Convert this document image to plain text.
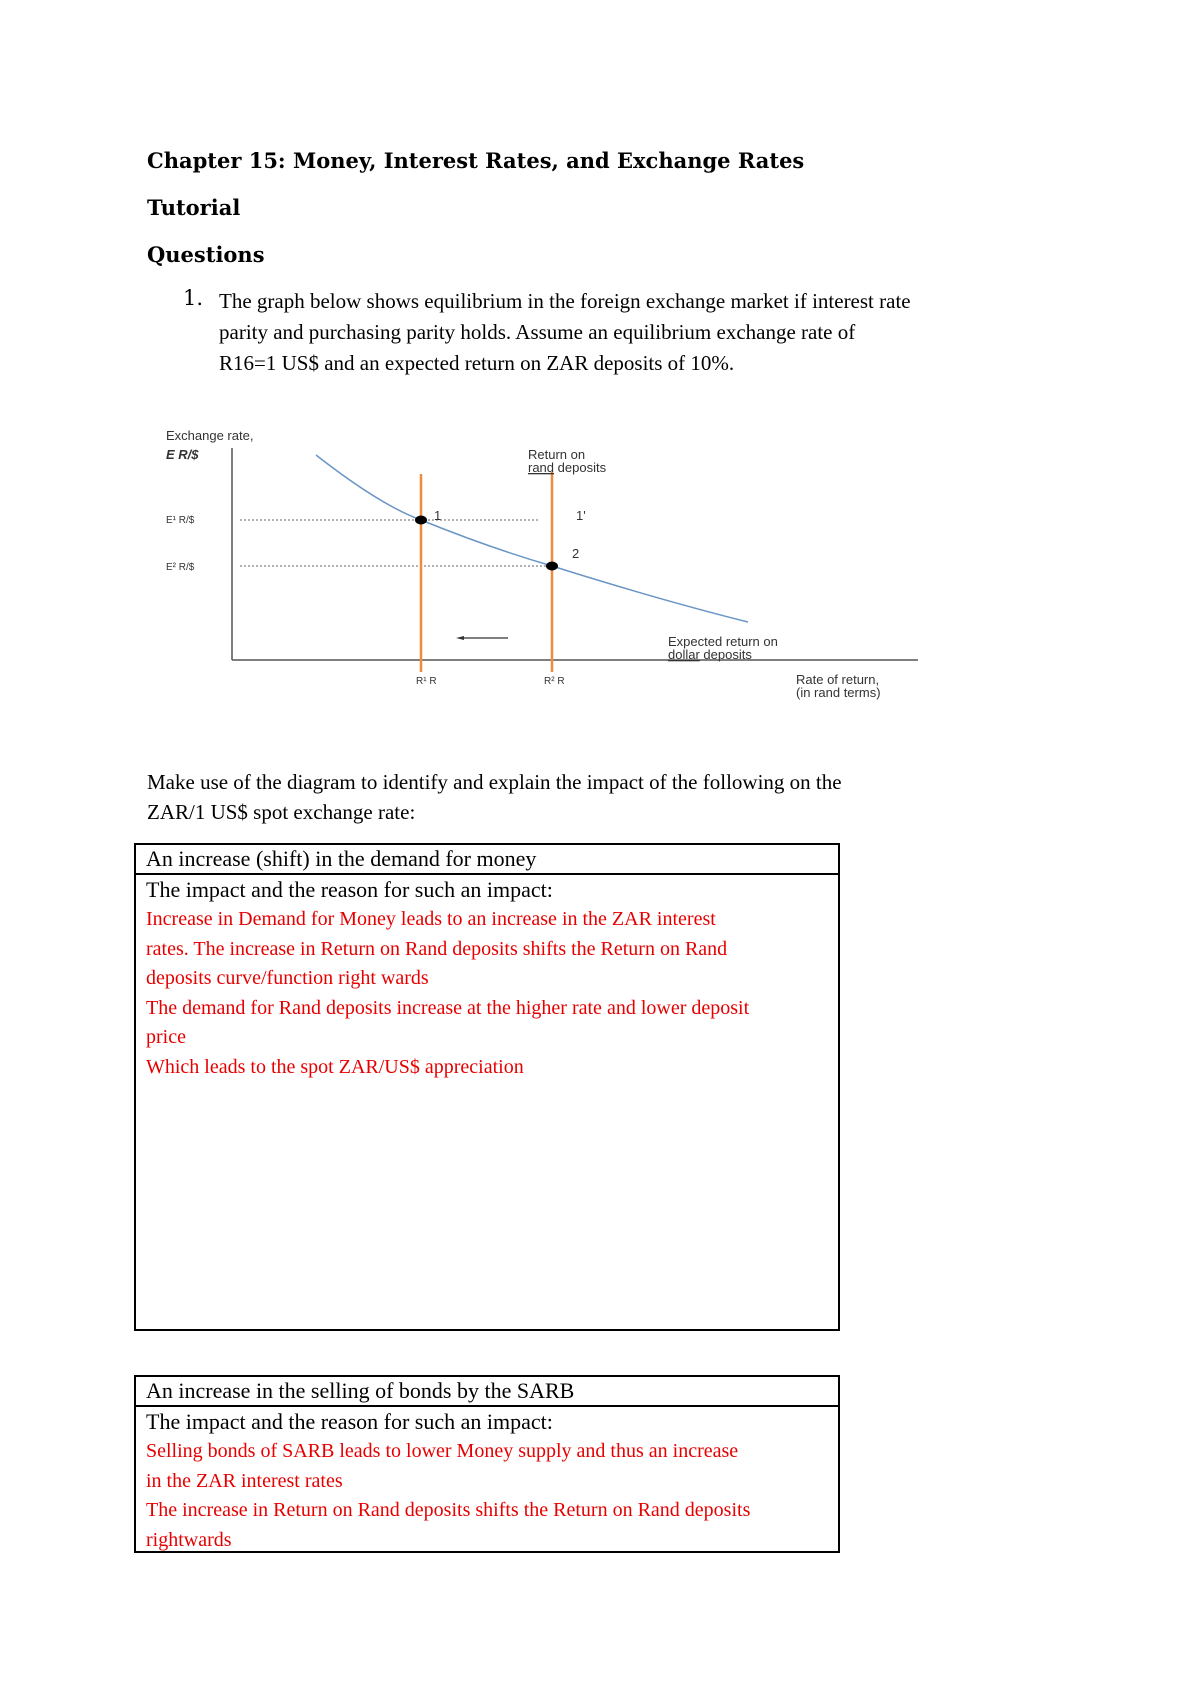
Chapter 15: Money, Interest Rates, and Exchange Rates
Tutorial
Questions
1. The graph below shows equilibrium in the foreign exchange market if interest rate
parity and purchasing parity holds. Assume an equilibrium exchange rate of
R16=1 US$ and an expected return on ZAR deposits of 10%.
Exchange rate,
E R/$
E¹ R/$
E² R/$
Return on
rand deposits
1	1'
2
Expected return on
dollar deposits
R¹ R	R² R	Rate of return,
(in rand terms)
Make use of the diagram to identify and explain the impact of the following on the
ZAR/1 US$ spot exchange rate:
An increase (shift) in the demand for money
The impact and the reason for such an impact:
Increase in Demand for Money leads to an increase in the ZAR interest
rates. The increase in Return on Rand deposits shifts the Return on Rand
deposits curve/function right wards
The demand for Rand deposits increase at the higher rate and lower deposit
price
Which leads to the spot ZAR/US$ appreciation
An increase in the selling of bonds by the SARB
The impact and the reason for such an impact:
Selling bonds of SARB leads to lower Money supply and thus an increase
in the ZAR interest rates
The increase in Return on Rand deposits shifts the Return on Rand deposits
rightwards
